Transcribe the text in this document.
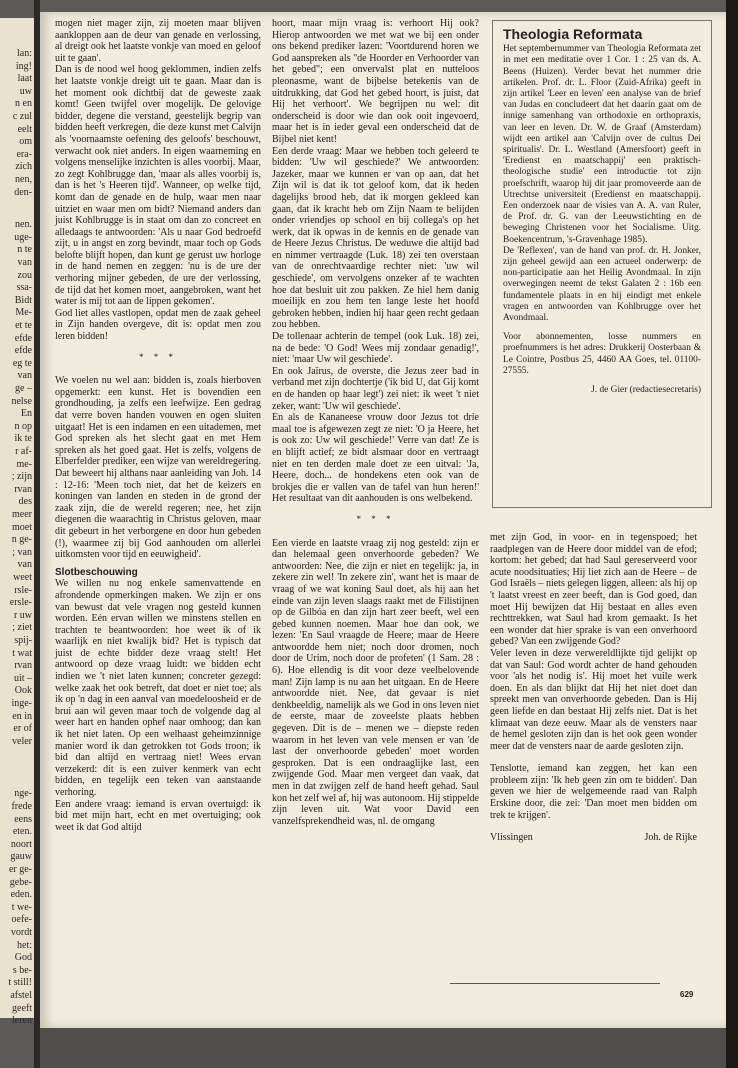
lan:
ing!
laat
uw
n en
c zul
eelt
om
era-
zich
nen,
den-
nen.
uge-
n te
van
zou
ssa-
Bidt
Me-
et te
efde
efde
eg te
van
ge –
nelse
En
n op
ik te
r af-
me-
; zijn
rvan
des
meer
moet
n ge-
; van
van
weet
rsle-
ersle-
r uw
; ziet
spij-
t wat
rvan
uit –
Ook
inge-
en in
er of
veler
nge-
frede
eens
eten.
noort
gauw
er ge-
gebe-
eden.
t we-
oefe-
vordt
het:
God
s be-
t still!
afstel
geeft
leren

mogen niet mager zijn, zij moeten maar blijven aankloppen aan de deur van genade en verlossing, al dreigt ook het laatste vonkje van moed en geloof uit te gaan'.

Dan is de nood wel hoog geklommen, indien zelfs het laatste vonkje dreigt uit te gaan. Maar dan is het moment ook dichtbij dat de geweste zaak komt! Geen twijfel over mogelijk. De gelovige bidder, degene die verstand, geestelijk begrip van bidden heeft verkregen, die deze kunst met Calvijn als 'voornaamste oefening des geloofs' beschouwt, verwacht ook niet anders. In eigen waarneming en volgens menselijke inzichten is alles voorbij. Maar, zo zegt Kohlbrugge dan, 'maar als alles voorbij is, dan is het 's Heeren tijd'. Wanneer, op welke tijd, komt dan de genade en de hulp, waar men naar uitziet en waar men om bidt? Niemand anders dan juist Kohlbrugge is in staat om dan zo concreet en alledaags te antwoorden: 'Als u naar God bedroefd zijt, u in angst en zorg bevindt, maar toch op Gods belofte blijft hopen, dan kunt ge gerust uw horloge in de hand nemen en zeggen: 'nu is de ure der verhoring mijner gebeden, de ure der verlossing, de tijd dat het komen moet, aangebroken, want het water is mij tot aan de lippen gekomen'.

God liet alles vastlopen, opdat men de zaak geheel in Zijn handen overgeve, dit is: opdat men zou leren bidden!

* * *

We voelen nu wel aan: bidden is, zoals hierboven opgemerkt: een kunst. Het is bovendien een grondhouding, ja zelfs een leefwijze. Een gedrag dat verre boven handen vouwen en ogen sluiten uitgaat! Het is een indamen en een uitademen, met God spreken als het slecht gaat en met Hem spreken als het goed gaat. Het is zelfs, volgens de Elberfelder prediker, een wijze van wereldregering. Dat beweert hij althans naar aanleiding van Joh. 14 : 12-16: 'Meen toch niet, dat het de keizers en koningen van landen en steden in de grond der zaak zijn, die de wereld regeren; nee, het zijn diegenen die waarachtig in Christus geloven, maar dit gebeurt in het verborgene en door hun gebeden (!), waarmee zij bij God aanhouden om allerlei uitkomsten voor tijd en eeuwigheid'.

Slotbeschouwing

We willen nu nog enkele samenvattende en afrondende opmerkingen maken. We zijn er ons van bewust dat vele vragen nog gesteld kunnen worden. Eén ervan willen we minstens stellen en trachten te beantwoorden: hoe weet ik of ik waarlijk en niet kwalijk bid? Het is typisch dat juist de echte bidder deze vraag stelt! Het antwoord op deze vraag luidt: we bidden echt indien we 't niet laten kunnen; concreter gezegd: welke zaak het ook betreft, dat doet er niet toe; als ik op 'n dag in een aanval van moedeloosheid er de brui aan wil geven maar toch de volgende dag al weer hart en handen ophef naar omhoog; dan kan ik het niet laten. Op een welhaast geheimzinnige manier word ik dan getrokken tot Gods troon; ik bid dan altijd en vertraag niet! Wees ervan verzekerd: dit is een zuiver kenmerk van echt bidden, en tegelijk een teken van aanstaande verhoring.

Een andere vraag: iemand is ervan overtuigd: ik bid met mijn hart, echt en met overtuiging; ook weet ik dat God altijd

hoort, maar mijn vraag is: verhoort Hij ook? Hierop antwoorden we met wat we bij een onder ons bekend prediker lazen: 'Voortdurend horen we God aanspreken als "de Hoorder en Verhoorder van het gebed"; een onvervalst plat en nutteloos pleonasme, want de bijbelse betekenis van de uitdrukking, dat God het gebed hoort, is juist, dat Hij het verhoort'. We begrijpen nu wel: dit onderscheid is door wie dan ook ooit ingevoerd, maar het is in ieder geval een onderscheid dat de Bijbel niet kent!

Een derde vraag: Maar we hebben toch geleerd te bidden: 'Uw wil geschiede?' We antwoorden: Jazeker, maar we kunnen er van op aan, dat het Zijn wil is dat ik tot geloof kom, dat ik heden dagelijks brood heb, dat ik morgen gekleed kan gaan, dat ik kracht heb om Zijn Naam te belijden onder vriendjes op school en bij collega's op het werk, dat ik opwas in de kennis en de genade van de Heere Jezus Christus. De weduwe die altijd bad en nimmer vertraagde (Luk. 18) zei ten overstaan van de onrechtvaardige rechter niet: 'uw wil geschiede', om vervolgens onzeker af te wachten hoe dat besluit uit zou pakken. Ze hiel hem danig moeilijk en zou hem ten lange leste het hoofd gebroken hebben, indien hij haar geen recht gedaan zou hebben.

De tollenaar achterin de tempel (ook Luk. 18) zei, na de bede: 'O God! Wees mij zondaar genadig!', niet: 'maar Uw wil geschiede'.

En ook Jaïrus, de overste, die Jezus zeer bad in verband met zijn dochtertje ('ik bid U, dat Gij komt en de handen op haar legt') zei niet: ik weet 't niet zeker, want: 'Uw wil geschiede'.

En als de Kananeese vrouw door Jezus tot drie maal toe is afgewezen zegt ze niet: 'O ja Heere, het is ook zo: Uw wil geschiede!' Verre van dat! Ze is en blijft actief; ze bidt alsmaar door en vertraagt niet en ten derden male doet ze een uitval: 'Ja, Heere, doch... de hondekens eten ook van de brokjes die er vallen van de tafel van hun heren!' Het resultaat van dit aanhouden is ons welbekend.

* * *

Een vierde en laatste vraag zij nog gesteld: zijn er dan helemaal geen onverhoorde gebeden? We antwoorden: Nee, die zijn er niet en tegelijk: ja, in zekere zin wel! 'In zekere zin', want het is maar de vraag of we wat koning Saul doet, als hij aan het einde van zijn leven slaags raakt met de Filistijnen op de Gilbóa en dan zijn hart zeer beeft, wel een gebed kunnen noemen. Maar hoe dan ook, we lezen: 'En Saul vraagde de Heere; maar de Heere antwoordde hem niet; noch door dromen, noch door de Urim, noch door de profeten' (1 Sam. 28 : 6). Hoe ellendig is dit voor deze veelbelovende man! Zijn lamp is nu aan het uitgaan. En de Heere antwoordde niet. Nee, dat gevaar is niet denkbeeldig, namelijk als we God in ons leven niet de eerste, maar de zoveelste plaats hebben gegeven. Dit is de – menen we – diepste reden waarom in het leven van vele mensen er van 'de last der onverhoorde gebeden' moet worden gesproken. Dat is een ondraaglijke last, een zwijgende God. Maar men vergeet dan vaak, dat men in dat zwijgen zelf de hand heeft gehad. Saul kon het zelf wel af, hij was autonoom. Hij stippelde zijn leven uit. Wat voor David een vanzelfsprekendheid was, nl. de omgang

Theologia Reformata

Het septembernummer van Theologia Reformata zet in met een meditatie over 1 Cor. 1 : 25 van ds. A. Beens (Huizen). Verder bevat het nummer drie artikelen. Prof. dr. L. Floor (Zuid-Afrika) geeft in zijn artikel 'Leer en leven' een analyse van de brief van Judas en concludeert dat het daarin gaat om de innige samenhang van orthodoxie en orthopraxis, van leer en leven. Dr. W. de Graaf (Amsterdam) wijdt een artikel aan 'Calvijn over de cultus Dei spiritualis'. Dr. L. Westland (Amersfoort) geeft in 'Eredienst en maatschappij' een praktisch-theologische studie' een introductie tot zijn proefschrift, waarop hij dit jaar promoveerde aan de Utrechtse universiteit (Eredienst en maatschappij. Een onderzoek naar de visies van A. A. van Ruler, de Prof. dr. G. van der Leeuwstichting en de beweging Christenen voor het Socialisme. Uitg. Boekencentrum, 's-Gravenhage 1985).

De 'Reflexen', van de hand van prof. dr. H. Jonker, zijn geheel gewijd aan een actueel onderwerp: de non-participatie aan het Heilig Avondmaal. In zijn overwegingen neemt de tekst Galaten 2 : 16b een fundamentele plaats in en hij eindigt met enkele vragen en antwoorden van Kohlbrugge over het Avondmaal.

Voor abonnementen, losse nummers en proefnummers is het adres: Drukkerij Oosterbaan & Le Cointre, Postbus 25, 4460 AA Goes, tel. 01100-27555.

J. de Gier (redactiesecretaris)

met zijn God, in voor- en in tegenspoed; het raadplegen van de Heere door middel van de efod; kortom: het gebed; dat had Saul gereserveerd voor acute noodsituaties; Hij liet zich aan de Heere – de God Israëls – niets gelegen liggen, alleen: als hij op 't laatst vreest en zeer beeft, dan is God goed, dan moet Hij bewijzen dat Hij bestaat en alles even rechttrekken, wat Saul had krom gemaakt. Is het een wonder dat hier sprake is van een onverhoord gebed? Van een zwijgende God?

Veler leven in deze verwereldlijkte tijd gelijkt op dat van Saul: God wordt achter de hand gehouden voor 'als het nodig is'. Hij moet het vuile werk doen. En als dan blijkt dat Hij het niet doet dan spreekt men van onverhoorde gebeden. Dan is Hij geen liefde en dan bestaat Hij zelfs niet. Dat is het klimaat van deze eeuw. Maar als de vensters naar de hemel gesloten zijn dan is het ook geen wonder meer dat de vensters naar de aarde gesloten zijn.

Tenslotte, iemand kan zeggen, het kan een probleem zijn: 'Ik heb geen zin om te bidden'. Dan geven we hier de welgemeende raad van Ralph Erskine door, die zei: 'Dan moet men bidden om trek te krijgen'.

Vlissingen	Joh. de Rijke
629
